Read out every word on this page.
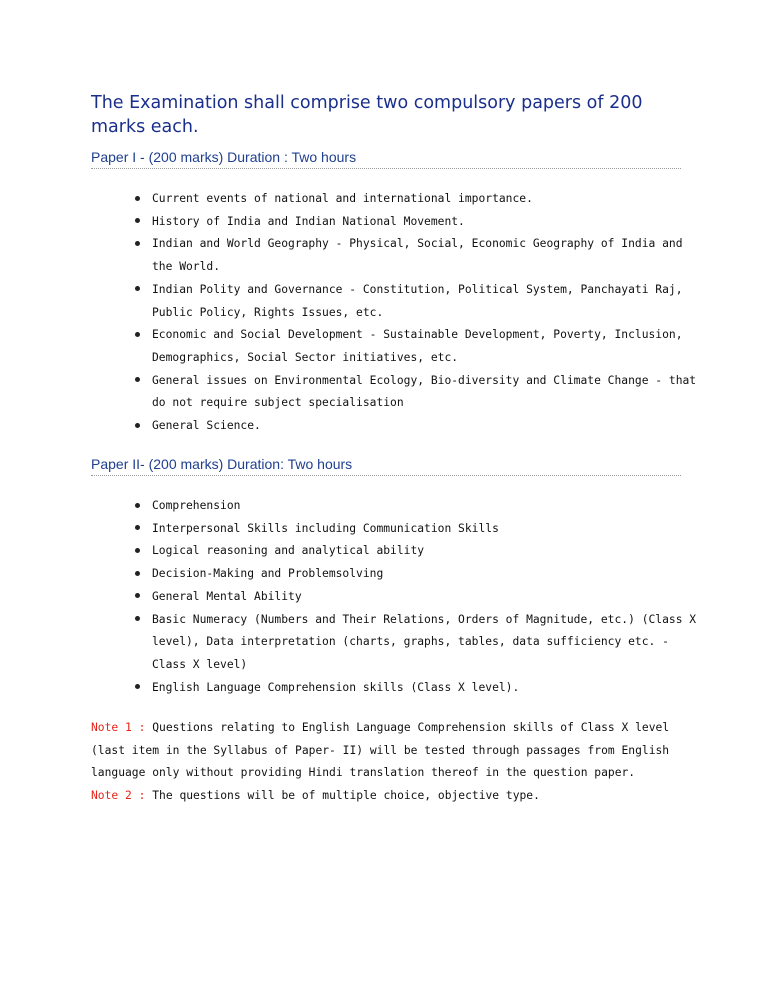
The Examination shall comprise two compulsory papers of 200 marks each.
Paper I - (200 marks) Duration : Two hours
Current events of national and international importance.
History of India and Indian National Movement.
Indian and World Geography - Physical, Social, Economic Geography of India and the World.
Indian Polity and Governance - Constitution, Political System, Panchayati Raj, Public Policy, Rights Issues, etc.
Economic and Social Development - Sustainable Development, Poverty, Inclusion, Demographics, Social Sector initiatives, etc.
General issues on Environmental Ecology, Bio-diversity and Climate Change - that do not require subject specialisation
General Science.
Paper II- (200 marks) Duration: Two hours
Comprehension
Interpersonal Skills including Communication Skills
Logical reasoning and analytical ability
Decision-Making and Problemsolving
General Mental Ability
Basic Numeracy (Numbers and Their Relations, Orders of Magnitude, etc.) (Class X level), Data interpretation (charts, graphs, tables, data sufficiency etc. - Class X level)
English Language Comprehension skills (Class X level).

Note 1 : Questions relating to English Language Comprehension skills of Class X level (last item in the Syllabus of Paper- II) will be tested through passages from English language only without providing Hindi translation thereof in the question paper.

Note 2 : The questions will be of multiple choice, objective type.
